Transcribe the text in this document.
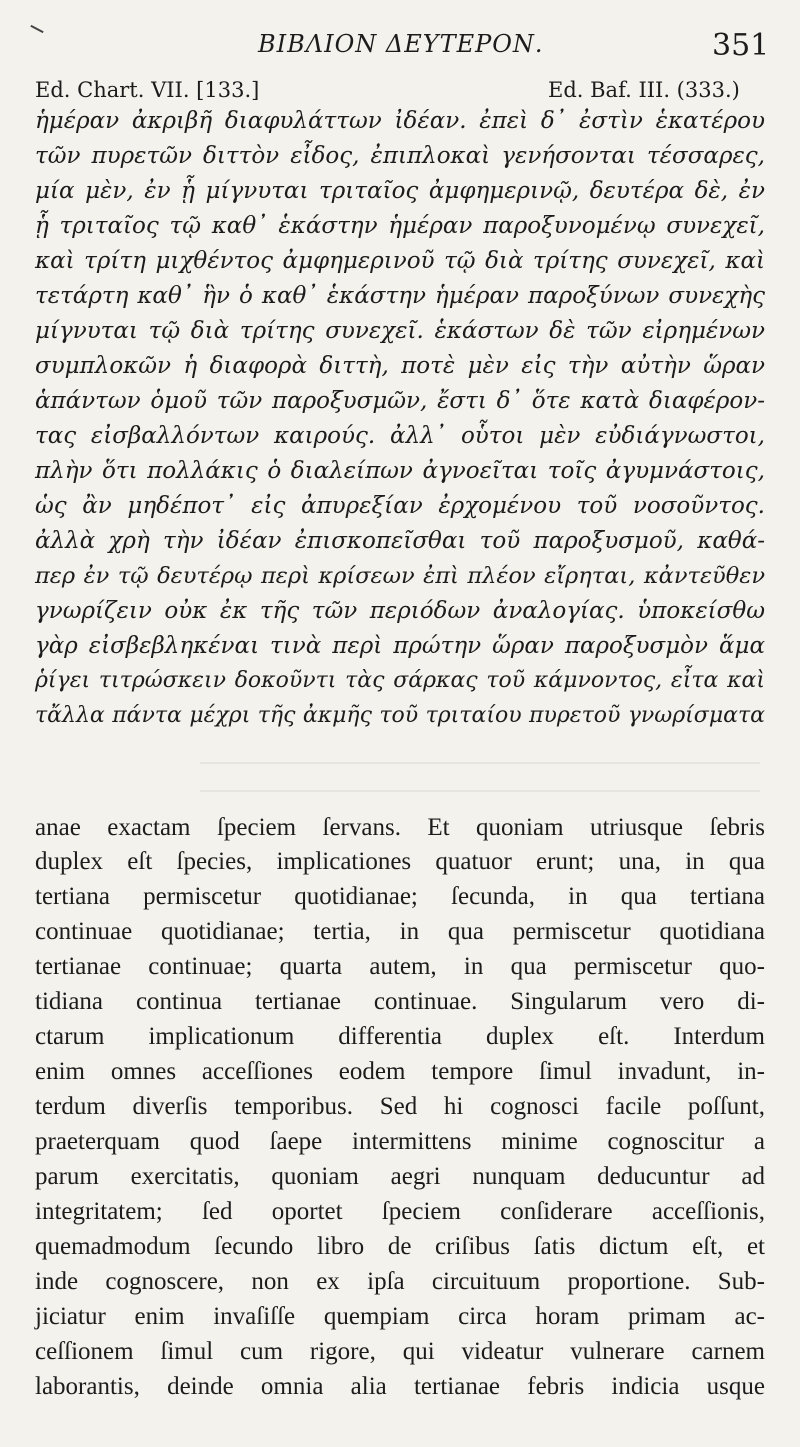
ΒΙΒΛΙΟΝ ΔΕΥΤΕΡΟΝ.	351
Ed. Chart. VII. [133.]	Ed. Baf. III. (333.)
ἡμέραν ἀκριβῆ διαφυλάττων ἰδέαν. ἐπεὶ δ᾽ ἐστὶν ἑκατέρου
τῶν πυρετῶν διττὸν εἶδος, ἐπιπλοκαὶ γενήσονται τέσσαρες,
μία μὲν, ἐν ᾗ μίγνυται τριταῖος ἀμφημερινῷ, δευτέρα δὲ, ἐν
ᾗ τριταῖος τῷ καθ᾽ ἑκάστην ἡμέραν παροξυνομένῳ συνεχεῖ,
καὶ τρίτη μιχθέντος ἀμφημερινοῦ τῷ διὰ τρίτης συνεχεῖ, καὶ
τετάρτη καθ᾽ ἣν ὁ καθ᾽ ἑκάστην ἡμέραν παροξύνων συνεχὴς
μίγνυται τῷ διὰ τρίτης συνεχεῖ. ἑκάστων δὲ τῶν εἰρημένων
συμπλοκῶν ἡ διαφορὰ διττὴ, ποτὲ μὲν εἰς τὴν αὐτὴν ὥραν
ἁπάντων ὁμοῦ τῶν παροξυσμῶν, ἔστι δ᾽ ὅτε κατὰ διαφέρον-
τας εἰσβαλλόντων καιρούς. ἀλλ᾽ οὗτοι μὲν εὐδιάγνωστοι,
πλὴν ὅτι πολλάκις ὁ διαλείπων ἀγνοεῖται τοῖς ἀγυμνάστοις,
ὡς ἂν μηδέποτ᾽ εἰς ἀπυρεξίαν ἐρχομένου τοῦ νοσοῦντος.
ἀλλὰ χρὴ τὴν ἰδέαν ἐπισκοπεῖσθαι τοῦ παροξυσμοῦ, καθά-
περ ἐν τῷ δευτέρῳ περὶ κρίσεων ἐπὶ πλέον εἴρηται, κἀντεῦθεν
γνωρίζειν οὐκ ἐκ τῆς τῶν περιόδων ἀναλογίας. ὑποκείσθω
γὰρ εἰσβεβληκέναι τινὰ περὶ πρώτην ὥραν παροξυσμὸν ἅμα
ῥίγει τιτρώσκειν δοκοῦντι τὰς σάρκας τοῦ κάμνοντος, εἶτα καὶ
τἄλλα πάντα μέχρι τῆς ἀκμῆς τοῦ τριταίου πυρετοῦ γνωρίσματα
anae exactam ſpeciem ſervans. Et quoniam utriusque ſebris
duplex eſt ſpecies, implicationes quatuor erunt; una, in qua
tertiana permiscetur quotidianae; ſecunda, in qua tertiana
continuae quotidianae; tertia, in qua permiscetur quotidiana
tertianae continuae; quarta autem, in qua permiscetur quo-
tidiana continua tertianae continuae. Singularum vero di-
ctarum implicationum differentia duplex eſt. Interdum
enim omnes acceſſiones eodem tempore ſimul invadunt, in-
terdum diverſis temporibus. Sed hi cognosci facile poſſunt,
praeterquam quod ſaepe intermittens minime cognoscitur a
parum exercitatis, quoniam aegri nunquam deducuntur ad
integritatem; ſed oportet ſpeciem conſiderare acceſſionis,
quemadmodum ſecundo libro de criſibus ſatis dictum eſt, et
inde cognoscere, non ex ipſa circuituum proportione. Sub-
jiciatur enim invaſiſſe quempiam circa horam primam ac-
ceſſionem ſimul cum rigore, qui videatur vulnerare carnem
laborantis, deinde omnia alia tertianae febris indicia usque
